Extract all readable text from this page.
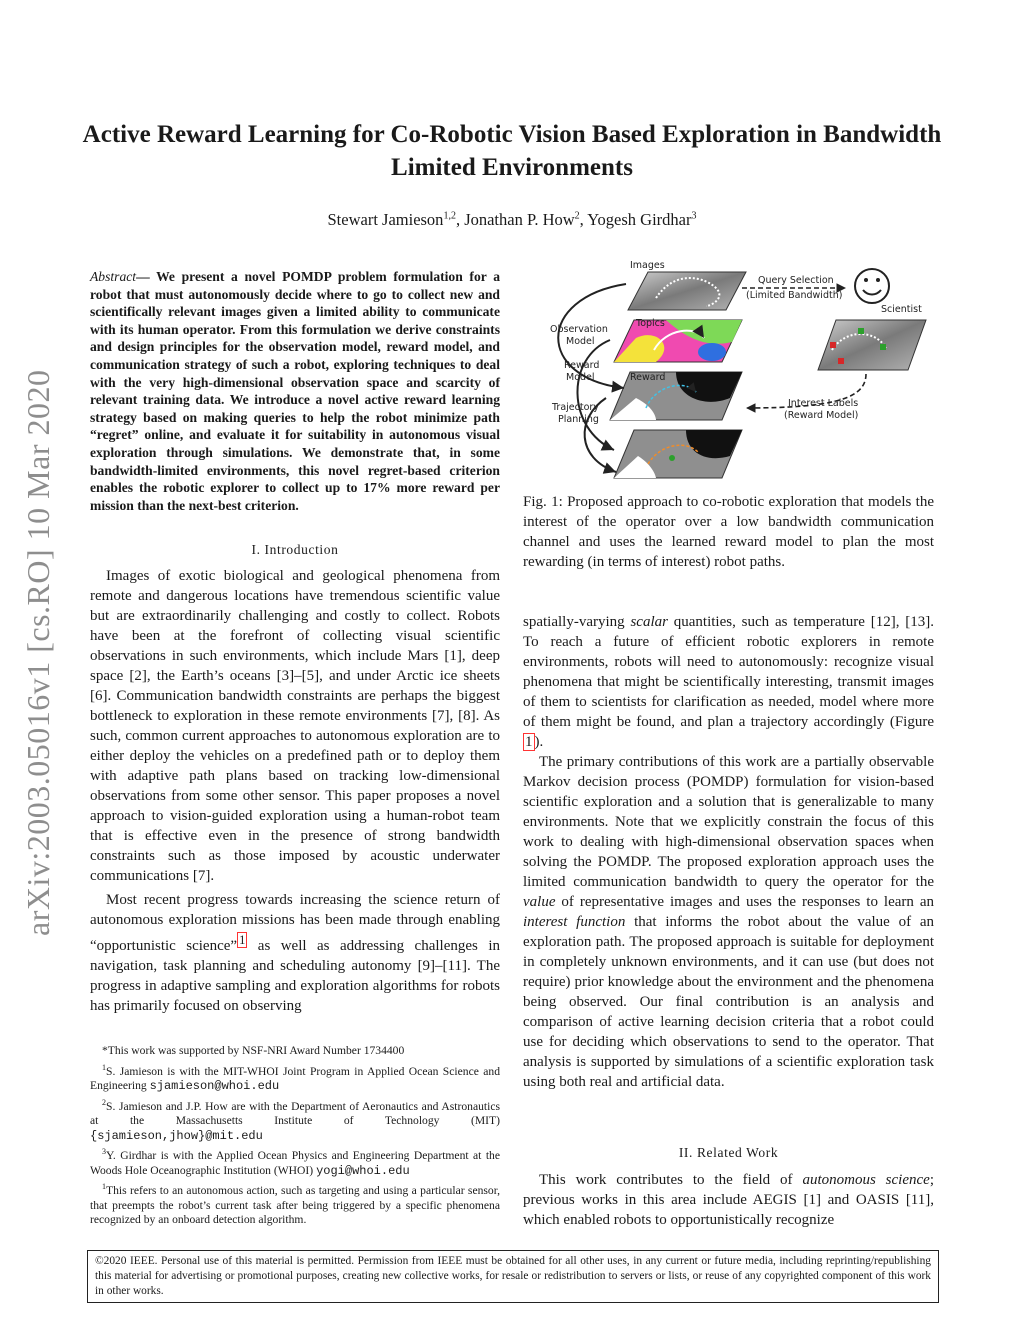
Active Reward Learning for Co-Robotic Vision Based Exploration in Bandwidth Limited Environments
Stewart Jamieson$^{1,2}$, Jonathan P. How$^2$, Yogesh Girdhar$^3$
arXiv:2003.05016v1 [cs.RO] 10 Mar 2020
Abstract— We present a novel POMDP problem formulation for a robot that must autonomously decide where to go to collect new and scientifically relevant images given a limited ability to communicate with its human operator. From this formulation we derive constraints and design principles for the observation model, reward model, and communication strategy of such a robot, exploring techniques to deal with the very high-dimensional observation space and scarcity of relevant training data. We introduce a novel active reward learning strategy based on making queries to help the robot minimize path “regret” online, and evaluate it for suitability in autonomous visual exploration through simulations. We demonstrate that, in some bandwidth-limited environments, this novel regret-based criterion enables the robotic explorer to collect up to 17% more reward per mission than the next-best criterion.
I. Introduction

Images of exotic biological and geological phenomena from remote and dangerous locations have tremendous scientific value but are extraordinarily challenging and costly to collect. Robots have been at the forefront of collecting visual scientific observations in such environments, which include Mars [1], deep space [2], the Earth’s oceans [3]–[5], and under Arctic ice sheets [6]. Communication bandwidth constraints are perhaps the biggest bottleneck to exploration in these remote environments [7], [8]. As such, common current approaches to autonomous exploration are to either deploy the vehicles on a predefined path or to deploy them with adaptive path plans based on tracking low-dimensional observations from some other sensor. This paper proposes a novel approach to vision-guided exploration using a human-robot team that is effective even in the presence of strong bandwidth constraints such as those imposed by acoustic underwater communications [7].

Most recent progress towards increasing the science return of autonomous exploration missions has been made through enabling “opportunistic science” $^1$ as well as addressing challenges in navigation, task planning and scheduling autonomy [9]–[11]. The progress in adaptive sampling and exploration algorithms for robots has primarily focused on observing

*This work was supported by NSF-NRI Award Number 1734400

$^1$S. Jamieson is with the MIT-WHOI Joint Program in Applied Ocean Science and Engineering sjamieson@whoi.edu

$^2$S. Jamieson and J.P. How are with the Department of Aeronautics and Astronautics at the Massachusetts Institute of Technology (MIT) {sjamieson,jhow}@mit.edu

$^3$Y. Girdhar is with the Applied Ocean Physics and Engineering Department at the Woods Hole Oceanographic Institution (WHOI) yogi@whoi.edu

$^1$This refers to an autonomous action, such as targeting and using a particular sensor, that preempts the robot’s current task after being triggered by a specific phenomena recognized by an onboard detection algorithm.

Images
Topics
Reward
Observation
Model
Reward
Model
Trajectory
Planning
Query Selection
(Limited Bandwidth)
Scientist
Interest Labels
(Reward Model)
Fig. 1: Proposed approach to co-robotic exploration that models the interest of the operator over a low bandwidth communication channel and uses the learned reward model to plan the most rewarding (in terms of interest) robot paths.

spatially-varying scalar quantities, such as temperature [12], [13]. To reach a future of efficient robotic explorers in remote environments, robots will need to autonomously: recognize visual phenomena that might be scientifically interesting, transmit images of them to scientists for clarification as needed, model where more of them might be found, and plan a trajectory accordingly (Figure 1 ).

The primary contributions of this work are a partially observable Markov decision process (POMDP) formulation for vision-based scientific exploration and a solution that is generalizable to many environments. Note that we explicitly constrain the focus of this work to dealing with high-dimensional observation spaces when solving the POMDP. The proposed exploration approach uses the limited communication bandwidth to query the operator for the value of representative images and uses the responses to learn an interest function that informs the robot about the value of an exploration path. The proposed approach is suitable for deployment in completely unknown environments, and it can use (but does not require) prior knowledge about the environment and the phenomena being observed. Our final contribution is an analysis and comparison of active learning decision criteria that a robot could use for deciding which observations to send to the operator. That analysis is supported by simulations of a scientific exploration task using both real and artificial data.

II. Related Work

This work contributes to the field of autonomous science; previous works in this area include AEGIS [1] and OASIS [11], which enabled robots to opportunistically recognize

©2020 IEEE. Personal use of this material is permitted. Permission from IEEE must be obtained for all other uses, in any current or future media, including reprinting/republishing this material for advertising or promotional purposes, creating new collective works, for resale or redistribution to servers or lists, or reuse of any copyrighted component of this work in other works.
